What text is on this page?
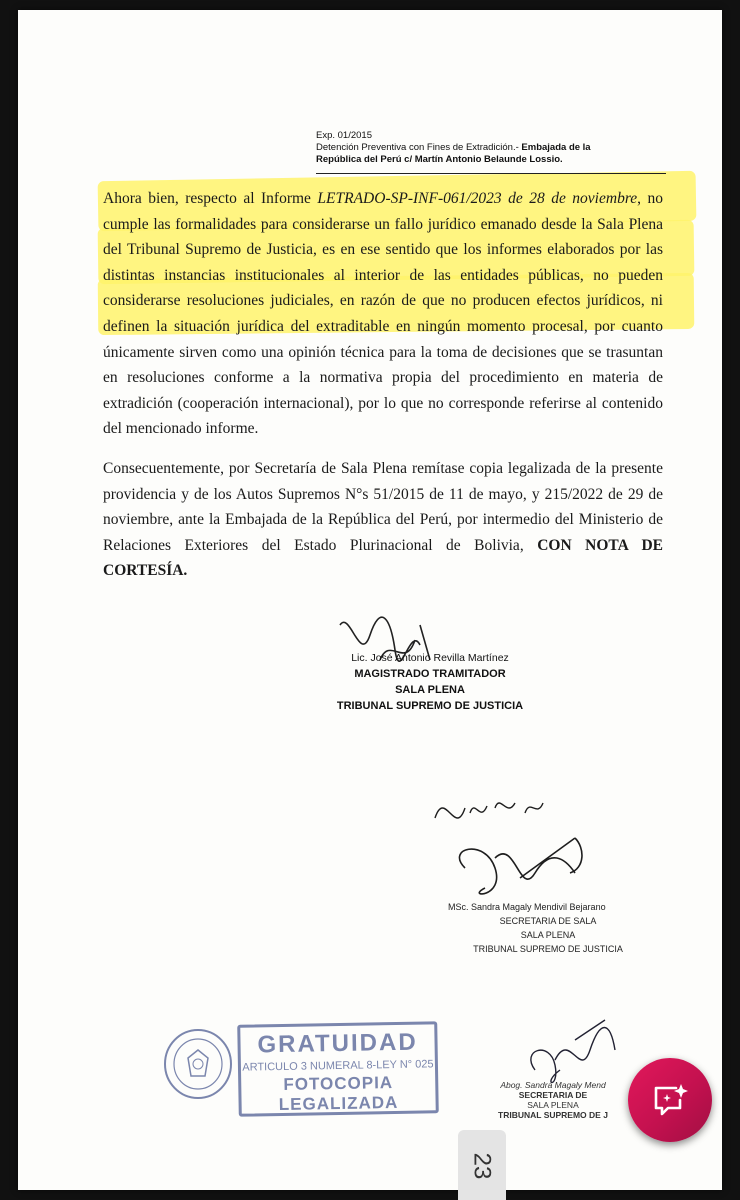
Exp. 01/2015
Detención Preventiva con Fines de Extradición.- Embajada de la
República del Perú c/ Martín Antonio Belaunde Lossio.

Ahora bien, respecto al Informe LETRADO-SP-INF-061/2023 de 28 de noviembre, no cumple las formalidades para considerarse un fallo jurídico emanado desde la Sala Plena del Tribunal Supremo de Justicia, es en ese sentido que los informes elaborados por las distintas instancias institucionales al interior de las entidades públicas, no pueden considerarse resoluciones judiciales, en razón de que no producen efectos jurídicos, ni definen la situación jurídica del extraditable en ningún momento procesal, por cuanto únicamente sirven como una opinión técnica para la toma de decisiones que se trasuntan en resoluciones conforme a la normativa propia del procedimiento en materia de extradición (cooperación internacional), por lo que no corresponde referirse al contenido del mencionado informe.

Consecuentemente, por Secretaría de Sala Plena remítase copia legalizada de la presente providencia y de los Autos Supremos N°s 51/2015 de 11 de mayo, y 215/2022 de 29 de noviembre, ante la Embajada de la República del Perú, por intermedio del Ministerio de Relaciones Exteriores del Estado Plurinacional de Bolivia, CON NOTA DE CORTESÍA.

Lic. José Antonio Revilla Martínez
MAGISTRADO TRAMITADOR
SALA PLENA
TRIBUNAL SUPREMO DE JUSTICIA
MSc. Sandra Magaly Mendivil Bejarano
SECRETARIA DE SALA
SALA PLENA
TRIBUNAL SUPREMO DE JUSTICIA
GRATUIDAD
ARTICULO 3 NUMERAL 8-LEY N° 025
FOTOCOPIA LEGALIZADA
Abog. Sandra Magaly Mend
SECRETARIA DE
SALA PLENA
TRIBUNAL SUPREMO DE J
23
